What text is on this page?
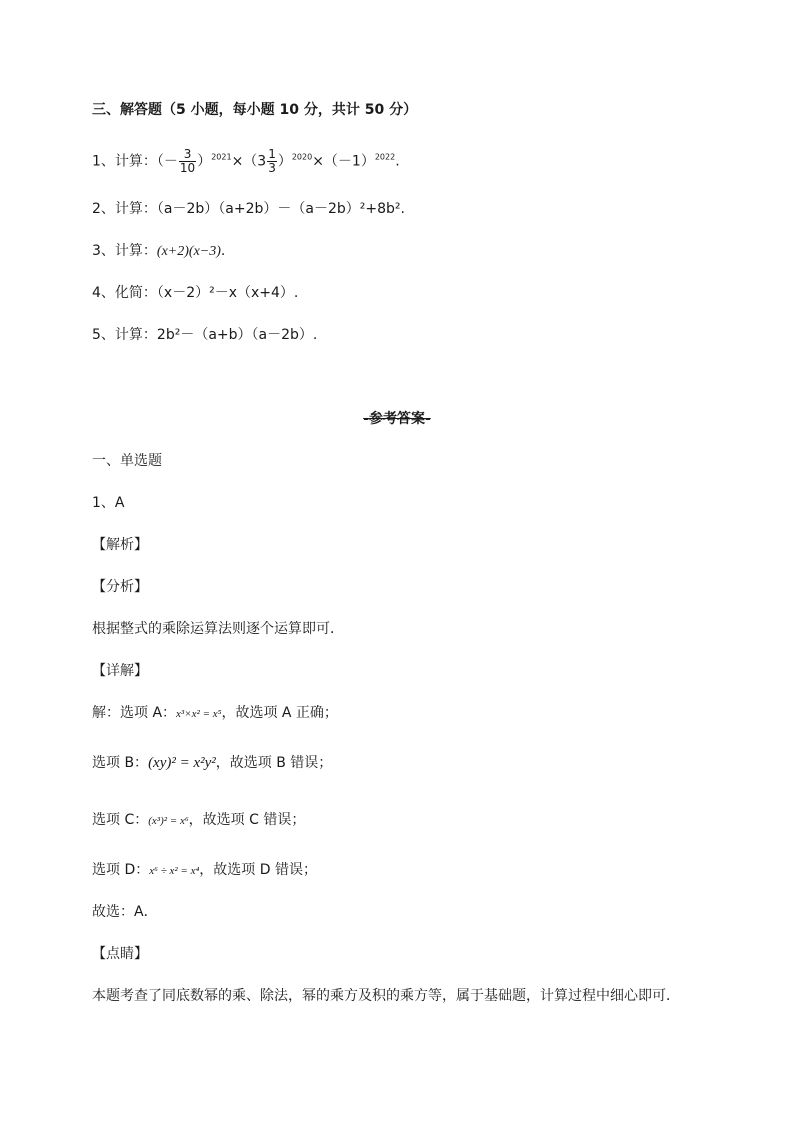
三、解答题（5 小题，每小题 10 分，共计 50 分）
1、计算：（－ $\frac{3}{10} )^{2021}\times(3 \frac{1}{3} )^{2020}\times(-1)^{2022}$.
2、计算：（a－2b）（a+2b）－（a－2b）²+8b².
3、计算：(x+2)(x−3).
4、化简：（x－2）²－x（x+4）.
5、计算：2b²－（a+b）（a－2b）.
-参考答案-
一、单选题
1、A
【解析】
【分析】
根据整式的乘除运算法则逐个运算即可．
【详解】
解：选项 A：x³×x² = x⁵，故选项 A 正确；
选项 B：(xy)² = x²y²，故选项 B 错误；
选项 C：(x³)² = x⁶，故选项 C 错误；
选项 D：x⁶ ÷ x² = x⁴，故选项 D 错误；
故选：A．
【点睛】
本题考查了同底数幂的乘、除法，幂的乘方及积的乘方等，属于基础题，计算过程中细心即可．
